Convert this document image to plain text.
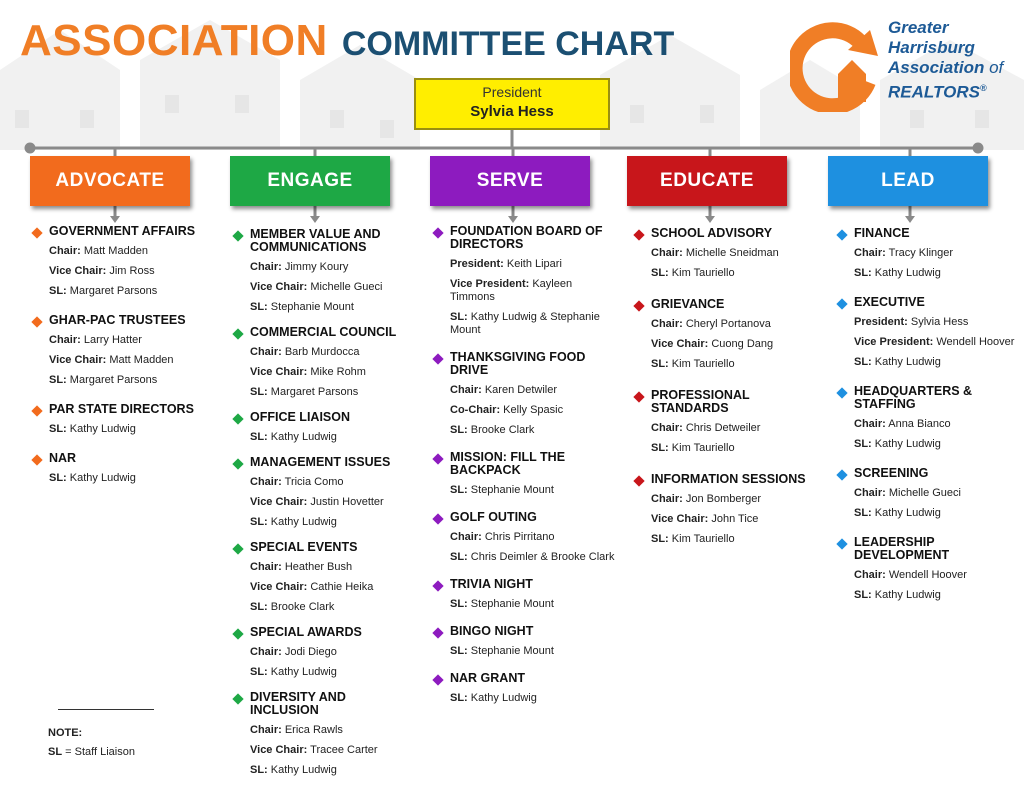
ASSOCIATION COMMITTEE CHART	Greater
Harrisburg
Association of
REALTORS®
President
Sylvia Hess
ADVOCATE	ENGAGE	SERVE	EDUCATE	LEAD
GOVERNMENT AFFAIRS
Chair: Matt Madden
Vice Chair: Jim Ross
SL: Margaret Parsons
GHAR-PAC TRUSTEES
Chair: Larry Hatter
Vice Chair: Matt Madden
SL: Margaret Parsons
PAR STATE DIRECTORS
SL: Kathy Ludwig
NAR
SL: Kathy Ludwig
MEMBER VALUE AND COMMUNICATIONS
Chair: Jimmy Koury
Vice Chair: Michelle Gueci
SL: Stephanie Mount
COMMERCIAL COUNCIL
Chair: Barb Murdocca
Vice Chair: Mike Rohm
SL: Margaret Parsons
OFFICE LIAISON
SL: Kathy Ludwig
MANAGEMENT ISSUES
Chair: Tricia Como
Vice Chair: Justin Hovetter
SL: Kathy Ludwig
SPECIAL EVENTS
Chair: Heather Bush
Vice Chair: Cathie Heika
SL: Brooke Clark
SPECIAL AWARDS
Chair: Jodi Diego
SL: Kathy Ludwig
DIVERSITY AND INCLUSION
Chair: Erica Rawls
Vice Chair: Tracee Carter
SL: Kathy Ludwig
FOUNDATION BOARD OF DIRECTORS
President: Keith Lipari
Vice President: Kayleen Timmons
SL: Kathy Ludwig & Stephanie Mount
THANKSGIVING FOOD DRIVE
Chair: Karen Detwiler
Co-Chair: Kelly Spasic
SL: Brooke Clark
MISSION: FILL THE BACKPACK
SL: Stephanie Mount
GOLF OUTING
Chair: Chris Pirritano
SL: Chris Deimler & Brooke Clark
TRIVIA NIGHT
SL: Stephanie Mount
BINGO NIGHT
SL: Stephanie Mount
NAR GRANT
SL: Kathy Ludwig
SCHOOL ADVISORY
Chair: Michelle Sneidman
SL: Kim Tauriello
GRIEVANCE
Chair: Cheryl Portanova
Vice Chair: Cuong Dang
SL: Kim Tauriello
PROFESSIONAL STANDARDS
Chair: Chris Detweiler
SL: Kim Tauriello
INFORMATION SESSIONS
Chair: Jon Bomberger
Vice Chair: John Tice
SL: Kim Tauriello
FINANCE
Chair: Tracy Klinger
SL: Kathy Ludwig
EXECUTIVE
President: Sylvia Hess
Vice President: Wendell Hoover
SL: Kathy Ludwig
HEADQUARTERS & STAFFING
Chair: Anna Bianco
SL: Kathy Ludwig
SCREENING
Chair: Michelle Gueci
SL: Kathy Ludwig
LEADERSHIP DEVELOPMENT
Chair: Wendell Hoover
SL: Kathy Ludwig
NOTE:
SL = Staff Liaison
